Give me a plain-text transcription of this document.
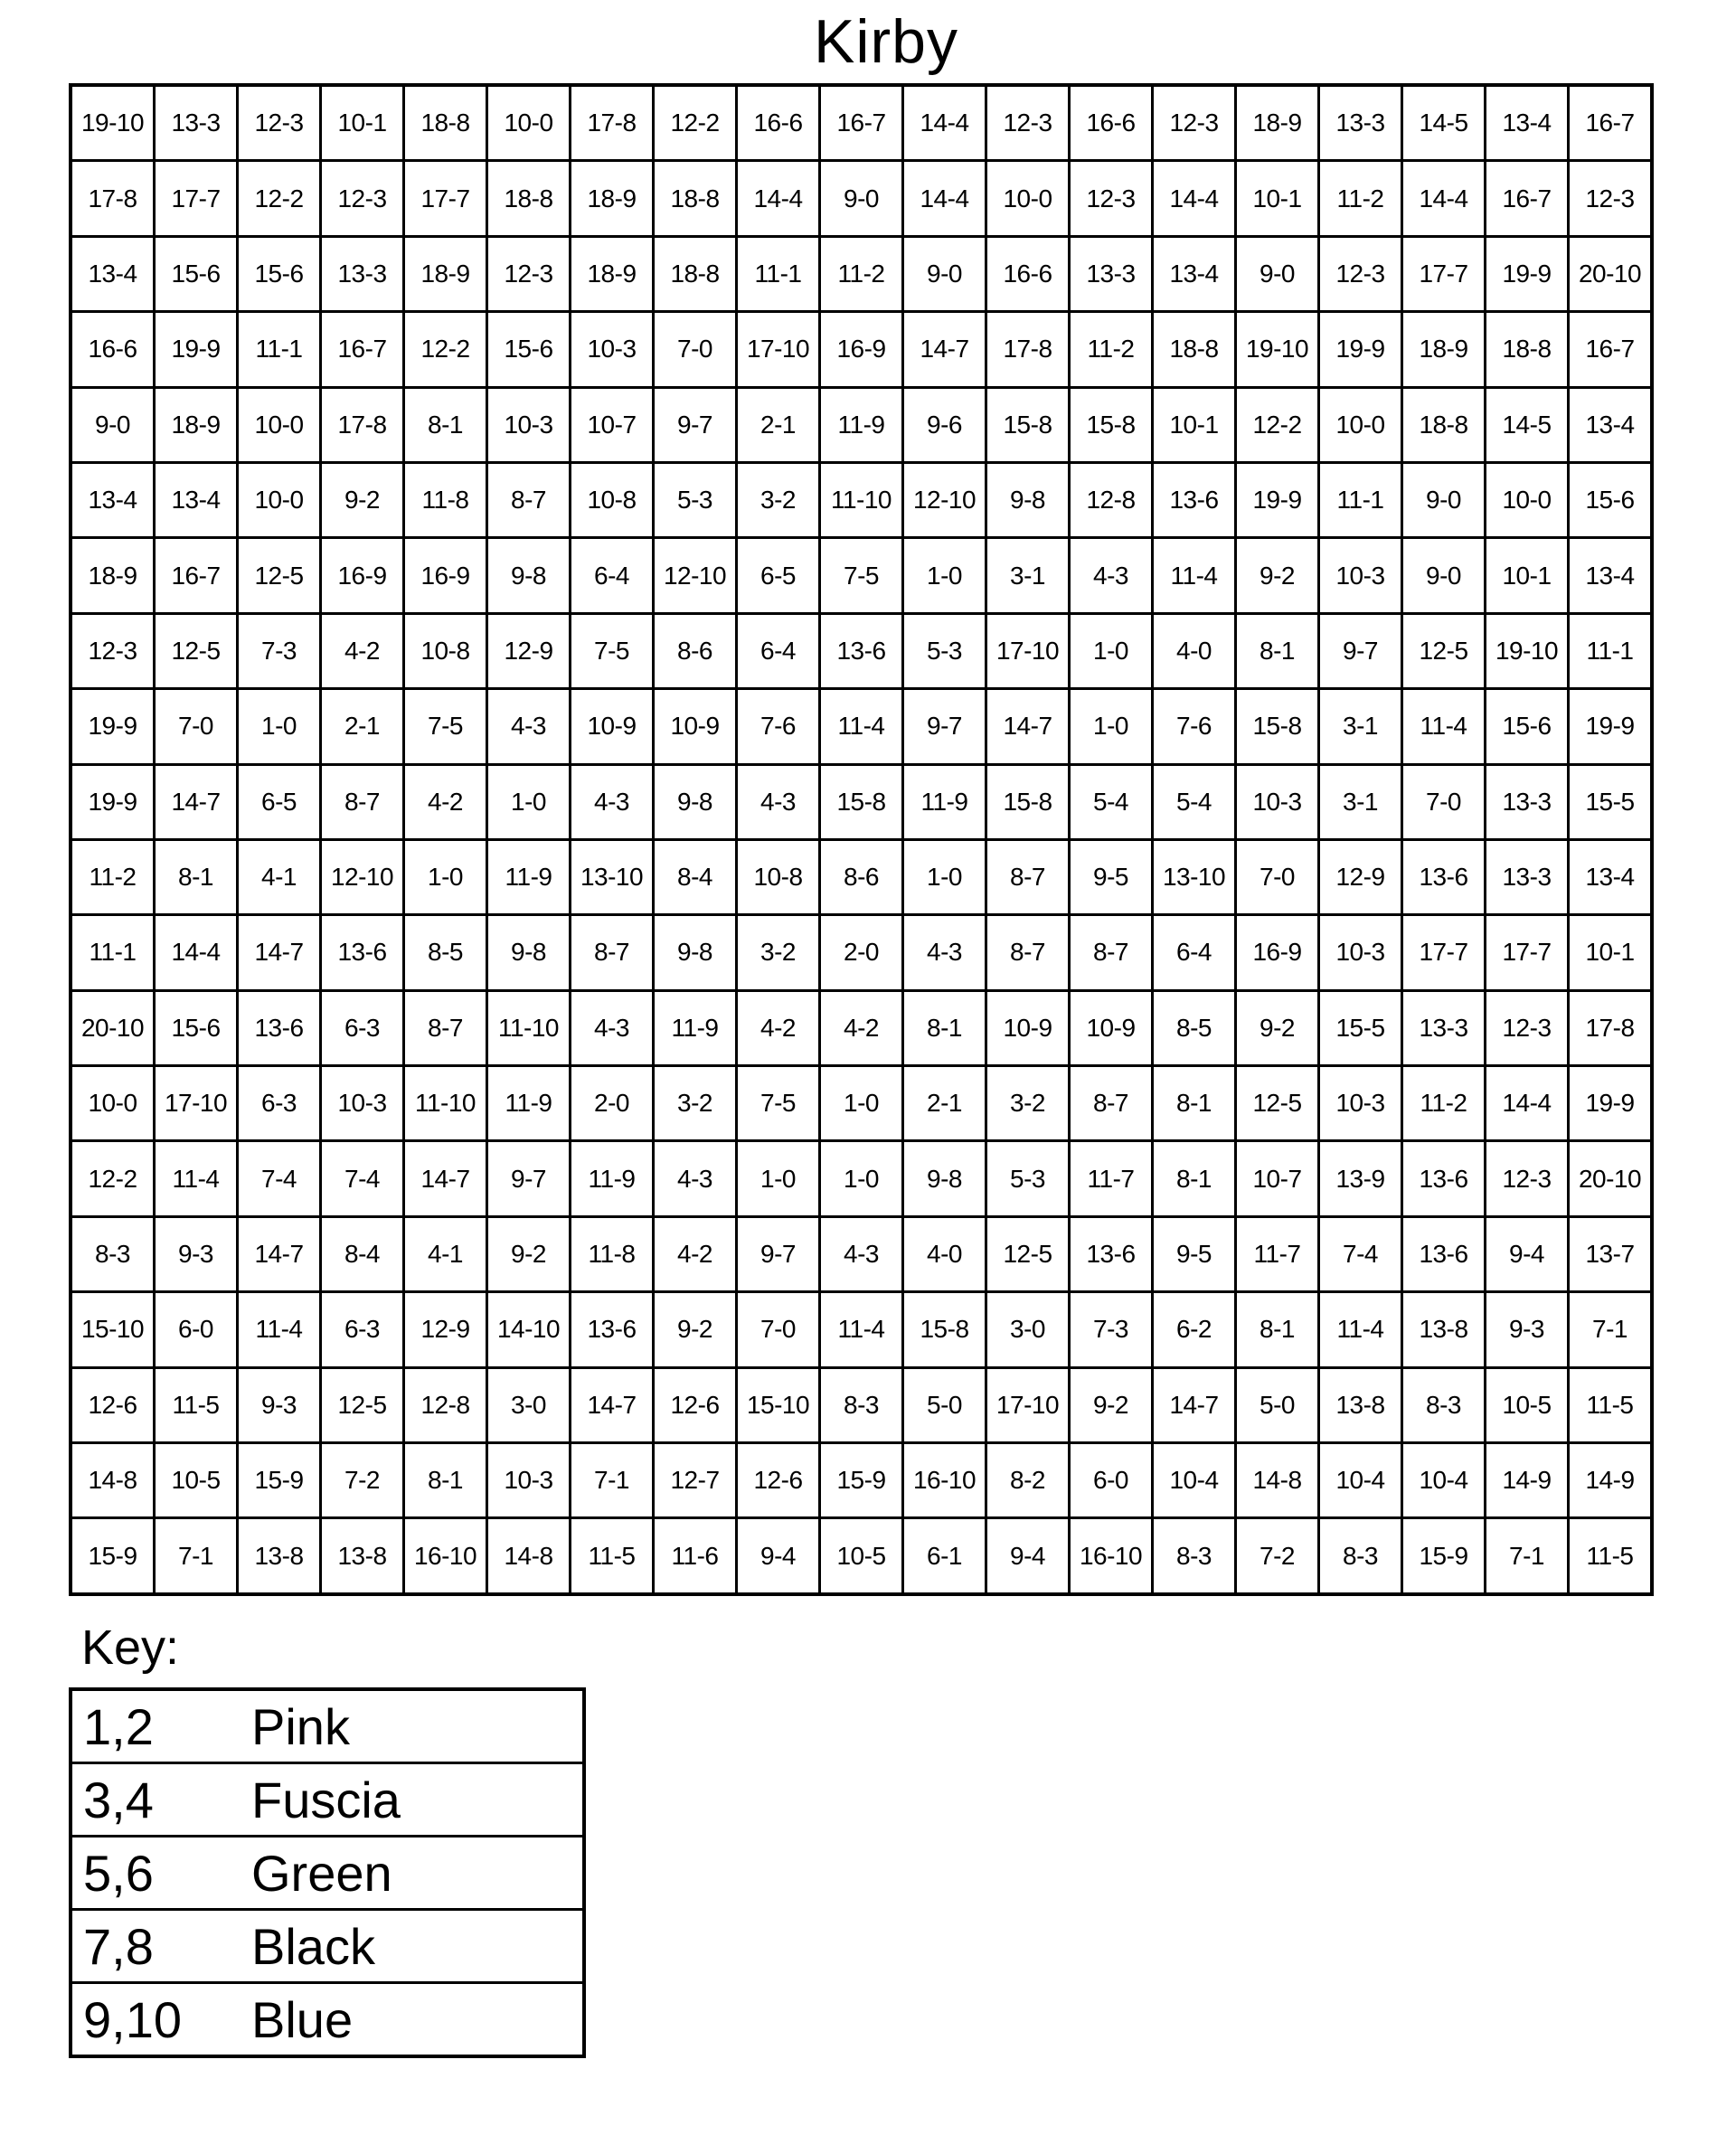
Kirby
19-10	13-3	12-3	10-1	18-8	10-0	17-8	12-2	16-6	16-7	14-4	12-3	16-6	12-3	18-9	13-3	14-5	13-4	16-7
17-8	17-7	12-2	12-3	17-7	18-8	18-9	18-8	14-4	9-0	14-4	10-0	12-3	14-4	10-1	11-2	14-4	16-7	12-3
13-4	15-6	15-6	13-3	18-9	12-3	18-9	18-8	11-1	11-2	9-0	16-6	13-3	13-4	9-0	12-3	17-7	19-9	20-10
16-6	19-9	11-1	16-7	12-2	15-6	10-3	7-0	17-10	16-9	14-7	17-8	11-2	18-8	19-10	19-9	18-9	18-8	16-7
9-0	18-9	10-0	17-8	8-1	10-3	10-7	9-7	2-1	11-9	9-6	15-8	15-8	10-1	12-2	10-0	18-8	14-5	13-4
13-4	13-4	10-0	9-2	11-8	8-7	10-8	5-3	3-2	11-10	12-10	9-8	12-8	13-6	19-9	11-1	9-0	10-0	15-6
18-9	16-7	12-5	16-9	16-9	9-8	6-4	12-10	6-5	7-5	1-0	3-1	4-3	11-4	9-2	10-3	9-0	10-1	13-4
12-3	12-5	7-3	4-2	10-8	12-9	7-5	8-6	6-4	13-6	5-3	17-10	1-0	4-0	8-1	9-7	12-5	19-10	11-1
19-9	7-0	1-0	2-1	7-5	4-3	10-9	10-9	7-6	11-4	9-7	14-7	1-0	7-6	15-8	3-1	11-4	15-6	19-9
19-9	14-7	6-5	8-7	4-2	1-0	4-3	9-8	4-3	15-8	11-9	15-8	5-4	5-4	10-3	3-1	7-0	13-3	15-5
11-2	8-1	4-1	12-10	1-0	11-9	13-10	8-4	10-8	8-6	1-0	8-7	9-5	13-10	7-0	12-9	13-6	13-3	13-4
11-1	14-4	14-7	13-6	8-5	9-8	8-7	9-8	3-2	2-0	4-3	8-7	8-7	6-4	16-9	10-3	17-7	17-7	10-1
20-10	15-6	13-6	6-3	8-7	11-10	4-3	11-9	4-2	4-2	8-1	10-9	10-9	8-5	9-2	15-5	13-3	12-3	17-8
10-0	17-10	6-3	10-3	11-10	11-9	2-0	3-2	7-5	1-0	2-1	3-2	8-7	8-1	12-5	10-3	11-2	14-4	19-9
12-2	11-4	7-4	7-4	14-7	9-7	11-9	4-3	1-0	1-0	9-8	5-3	11-7	8-1	10-7	13-9	13-6	12-3	20-10
8-3	9-3	14-7	8-4	4-1	9-2	11-8	4-2	9-7	4-3	4-0	12-5	13-6	9-5	11-7	7-4	13-6	9-4	13-7
15-10	6-0	11-4	6-3	12-9	14-10	13-6	9-2	7-0	11-4	15-8	3-0	7-3	6-2	8-1	11-4	13-8	9-3	7-1
12-6	11-5	9-3	12-5	12-8	3-0	14-7	12-6	15-10	8-3	5-0	17-10	9-2	14-7	5-0	13-8	8-3	10-5	11-5
14-8	10-5	15-9	7-2	8-1	10-3	7-1	12-7	12-6	15-9	16-10	8-2	6-0	10-4	14-8	10-4	10-4	14-9	14-9
15-9	7-1	13-8	13-8	16-10	14-8	11-5	11-6	9-4	10-5	6-1	9-4	16-10	8-3	7-2	8-3	15-9	7-1	11-5
Key:
1,2	Pink
3,4	Fuscia
5,6	Green
7,8	Black
9,10	Blue
